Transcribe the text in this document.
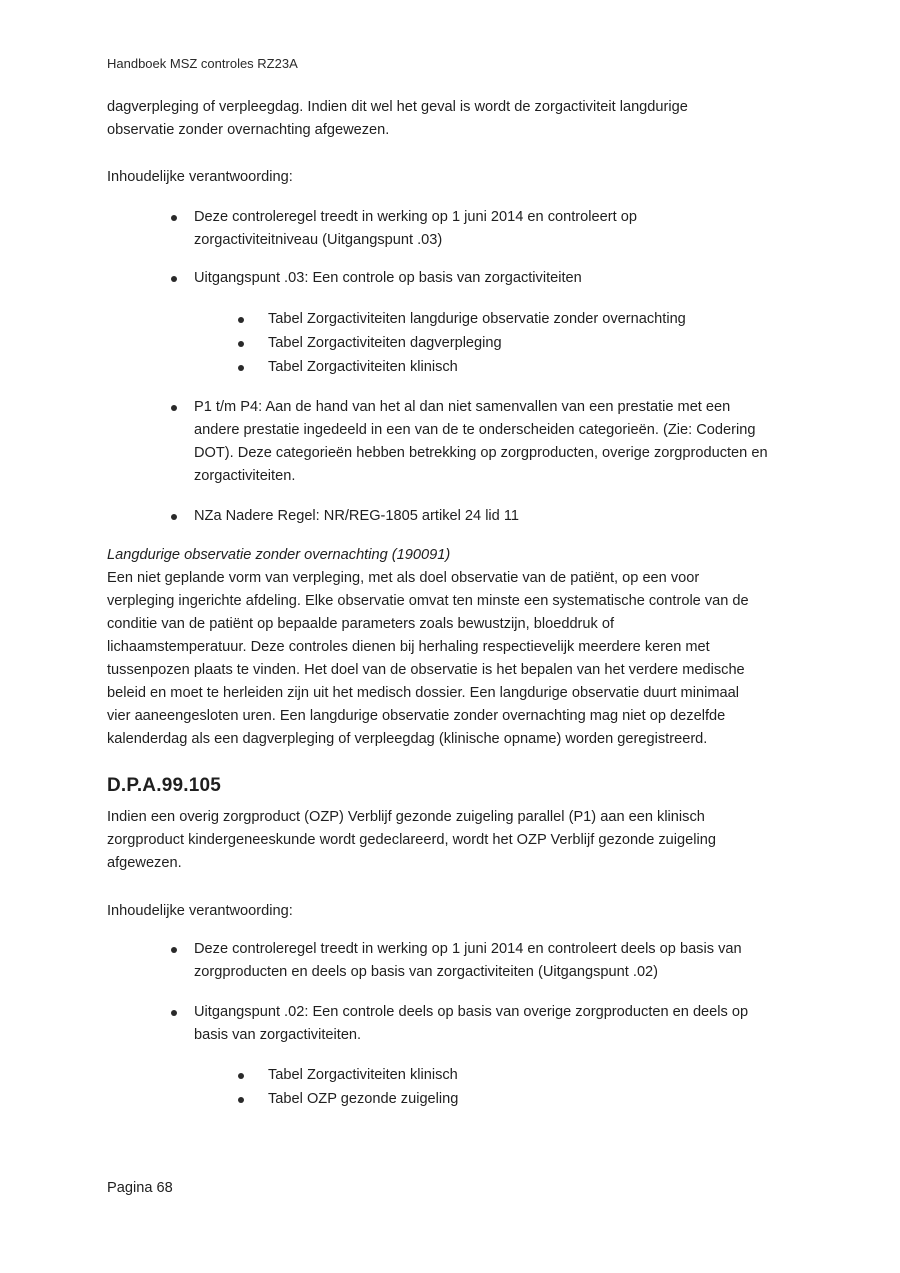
Handboek MSZ controles RZ23A
dagverpleging of verpleegdag. Indien dit wel het geval is wordt de zorgactiviteit langdurige
observatie zonder overnachting afgewezen.
Inhoudelijke verantwoording:
Deze controleregel treedt in werking op 1 juni 2014 en controleert op
zorgactiviteitniveau (Uitgangspunt .03)
Uitgangspunt .03: Een controle op basis van zorgactiviteiten
Tabel Zorgactiviteiten langdurige observatie zonder overnachting
Tabel Zorgactiviteiten dagverpleging
Tabel Zorgactiviteiten klinisch
P1 t/m P4: Aan de hand van het al dan niet samenvallen van een prestatie met een
andere prestatie ingedeeld in een van de te onderscheiden categorieën. (Zie: Codering
DOT). Deze categorieën hebben betrekking op zorgproducten, overige zorgproducten en
zorgactiviteiten.
NZa Nadere Regel: NR/REG-1805 artikel 24 lid 11
Langdurige observatie zonder overnachting (190091)
Een niet geplande vorm van verpleging, met als doel observatie van de patiënt, op een voor
verpleging ingerichte afdeling. Elke observatie omvat ten minste een systematische controle van de
conditie van de patiënt op bepaalde parameters zoals bewustzijn, bloeddruk of
lichaamstemperatuur. Deze controles dienen bij herhaling respectievelijk meerdere keren met
tussenpozen plaats te vinden. Het doel van de observatie is het bepalen van het verdere medische
beleid en moet te herleiden zijn uit het medisch dossier. Een langdurige observatie duurt minimaal
vier aaneengesloten uren. Een langdurige observatie zonder overnachting mag niet op dezelfde
kalenderdag als een dagverpleging of verpleegdag (klinische opname) worden geregistreerd.
D.P.A.99.105
Indien een overig zorgproduct (OZP) Verblijf gezonde zuigeling parallel (P1) aan een klinisch
zorgproduct kindergeneeskunde wordt gedeclareerd, wordt het OZP Verblijf gezonde zuigeling
afgewezen.
Inhoudelijke verantwoording:
Deze controleregel treedt in werking op 1 juni 2014 en controleert deels op basis van
zorgproducten en deels op basis van zorgactiviteiten (Uitgangspunt .02)
Uitgangspunt .02: Een controle deels op basis van overige zorgproducten en deels op
basis van zorgactiviteiten.
Tabel Zorgactiviteiten klinisch
Tabel OZP gezonde zuigeling
Pagina 68
